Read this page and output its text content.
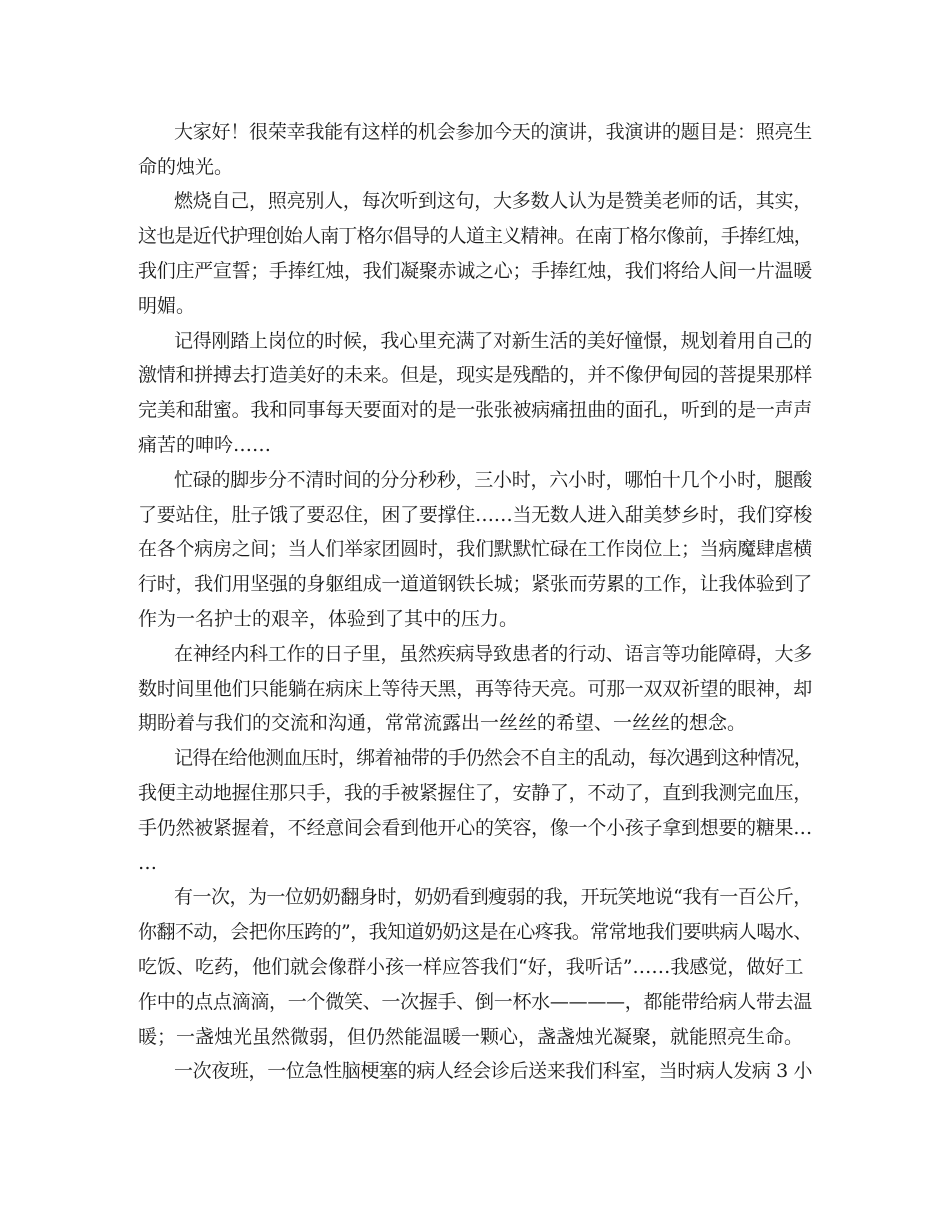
大家好！很荣幸我能有这样的机会参加今天的演讲，我演讲的题目是：照亮生
命的烛光。
燃烧自己，照亮别人，每次听到这句，大多数人认为是赞美老师的话，其实，
这也是近代护理创始人南丁格尔倡导的人道主义精神。在南丁格尔像前，手捧红烛，
我们庄严宣誓；手捧红烛，我们凝聚赤诚之心；手捧红烛，我们将给人间一片温暖
明媚。
记得刚踏上岗位的时候，我心里充满了对新生活的美好憧憬，规划着用自己的
激情和拼搏去打造美好的未来。但是，现实是残酷的，并不像伊甸园的菩提果那样
完美和甜蜜。我和同事每天要面对的是一张张被病痛扭曲的面孔，听到的是一声声
痛苦的呻吟……
忙碌的脚步分不清时间的分分秒秒，三小时，六小时，哪怕十几个小时，腿酸
了要站住，肚子饿了要忍住，困了要撑住……当无数人进入甜美梦乡时，我们穿梭
在各个病房之间；当人们举家团圆时，我们默默忙碌在工作岗位上；当病魔肆虐横
行时，我们用坚强的身躯组成一道道钢铁长城；紧张而劳累的工作，让我体验到了
作为一名护士的艰辛，体验到了其中的压力。
在神经内科工作的日子里，虽然疾病导致患者的行动、语言等功能障碍，大多
数时间里他们只能躺在病床上等待天黑，再等待天亮。可那一双双祈望的眼神，却
期盼着与我们的交流和沟通，常常流露出一丝丝的希望、一丝丝的想念。
记得在给他测血压时，绑着袖带的手仍然会不自主的乱动，每次遇到这种情况，
我便主动地握住那只手，我的手被紧握住了，安静了，不动了，直到我测完血压，
手仍然被紧握着，不经意间会看到他开心的笑容，像一个小孩子拿到想要的糖果…
…
有一次，为一位奶奶翻身时，奶奶看到瘦弱的我，开玩笑地说“我有一百公斤，
你翻不动，会把你压跨的”，我知道奶奶这是在心疼我。常常地我们要哄病人喝水、
吃饭、吃药，他们就会像群小孩一样应答我们“好，我听话”……我感觉，做好工
作中的点点滴滴，一个微笑、一次握手、倒一杯水————，都能带给病人带去温
暖；一盏烛光虽然微弱，但仍然能温暖一颗心，盏盏烛光凝聚，就能照亮生命。
一次夜班，一位急性脑梗塞的病人经会诊后送来我们科室，当时病人发病 3 小
